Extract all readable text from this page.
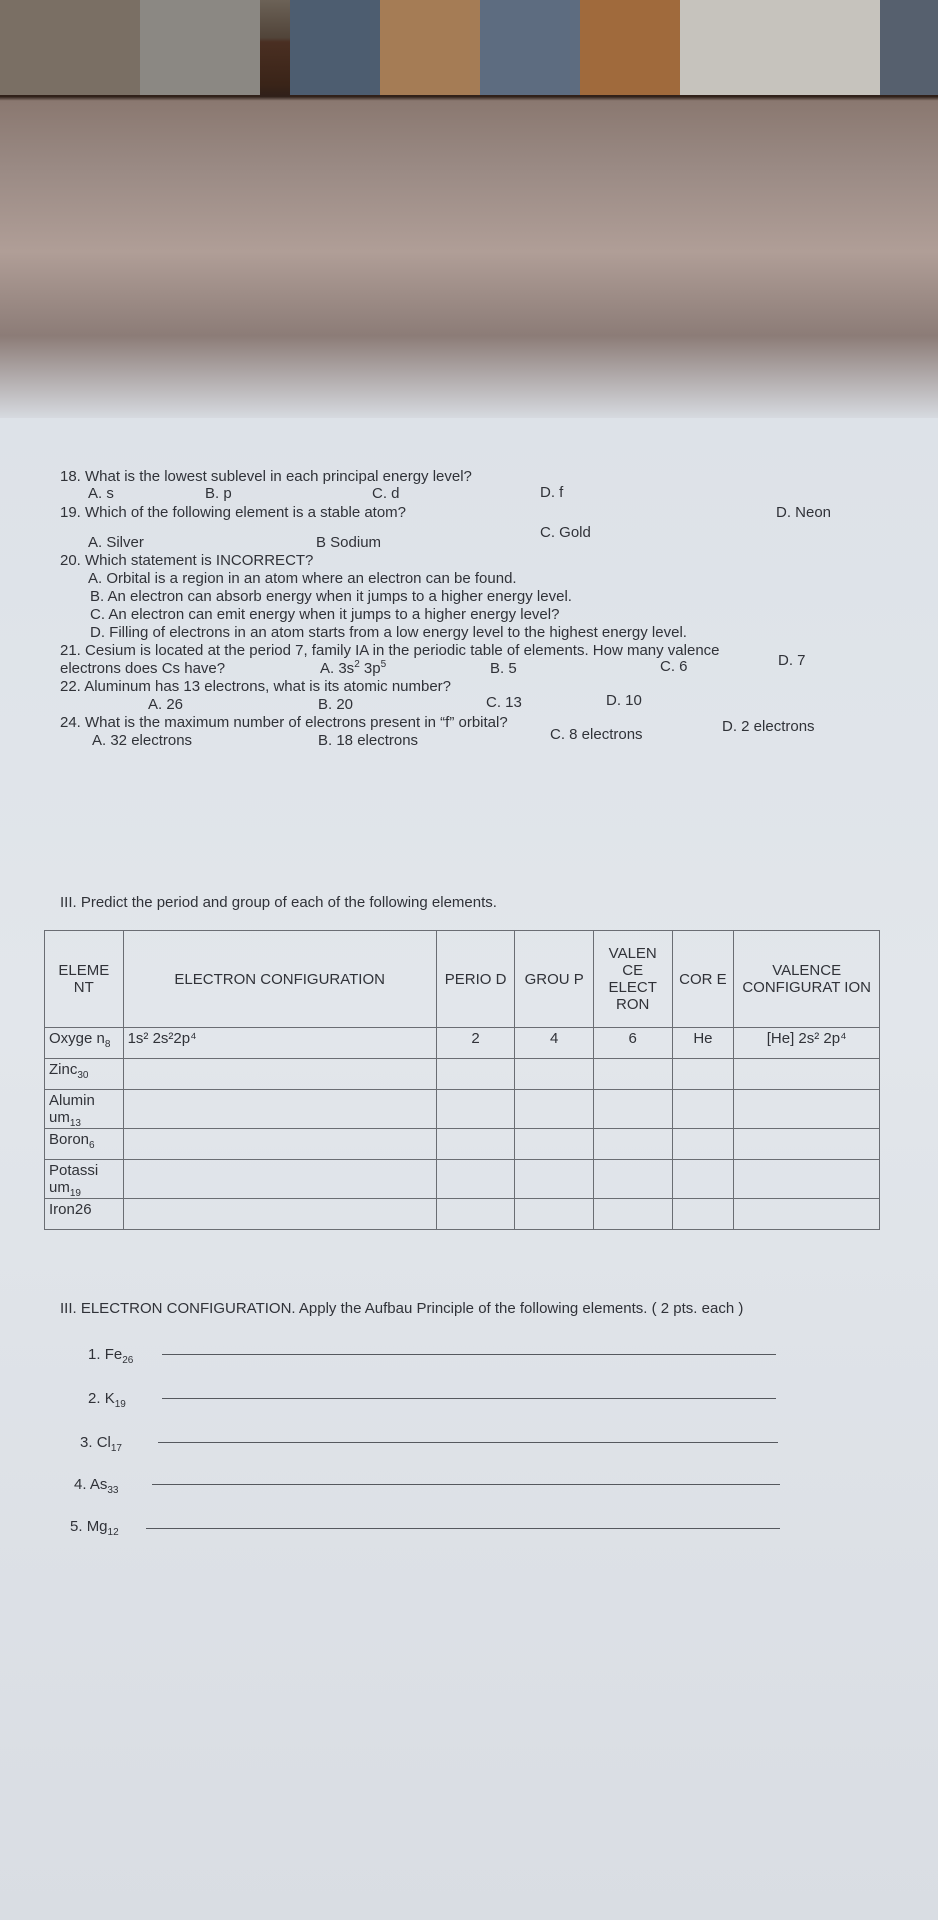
18. What is the lowest sublevel in each principal energy level?
A. s	B. p	C. d	D. f
19. Which of the following element is a stable atom?
A. Silver	B Sodium
C. Gold
D. Neon
20. Which statement is INCORRECT?
A. Orbital is a region in an atom where an electron can be found.
B. An electron can absorb energy when it jumps to a higher energy level.
C. An electron can emit energy when it jumps to a higher energy level?
D. Filling of electrons in an atom starts from a low energy level to the highest energy level.
21. Cesium is located at the period 7, family IA in the periodic table of elements. How many valence
electrons does Cs have?	A. $3s^2$ $3p^5$	B. 5	C. 6	D. 7
22. Aluminum has 13 electrons, what is its atomic number?
A. 26	B. 20	C. 13	D. 10
24. What is the maximum number of electrons present in “f” orbital?
A. 32 electrons	B. 18 electrons	C. 8 electrons	D. 2 electrons
III. Predict the period and group of each of the following elements.
ELEME NT	ELECTRON CONFIGURATION	PERIO D	GROU P	VALEN CE ELECT RON	COR E	VALENCE CONFIGURAT ION
Oxyge $n_8$	1s² 2s²2p⁴	2	4	6	He	[He] 2s² 2p⁴
Zinc$_{30}$						
Alumin $um_{13}$						
Boron$_6$						
Potassi $um_{19}$						
Iron26						
III. ELECTRON CONFIGURATION. Apply the Aufbau Principle of the following elements. ( 2 pts. each )
1. $Fe_{26}$
2. $K_{19}$
3. $Cl_{17}$
4. $As_{33}$
5. $Mg_{12}$
